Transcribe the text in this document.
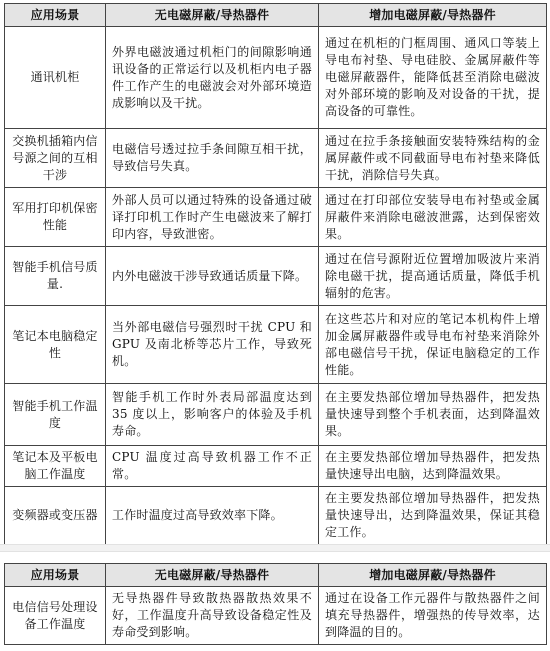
应用场景	无电磁屏蔽/导热器件	增加电磁屏蔽/导热器件
通讯机柜	外界电磁波通过机柜门的间隙影响通讯设备的正常运行以及机柜内电子器件工作产生的电磁波会对外部环境造成影响以及干扰。	通过在机柜的门框周围、通风口等装上导电布衬垫、导电硅胶、金属屏蔽件等电磁屏蔽器件，能降低甚至消除电磁波对外部环境的影响及对设备的干扰，提高设备的可靠性。
交换机插箱内信号源之间的互相干涉	电磁信号透过拉手条间隙互相干扰，导致信号失真。	通过在拉手条接触面安装特殊结构的金属屏蔽件或不同截面导电布衬垫来降低干扰，消除信号失真。
军用打印机保密性能	外部人员可以通过特殊的设备通过破译打印机工作时产生电磁波来了解打印内容，导致泄密。	通过在打印部位安装导电布衬垫或金属屏蔽件来消除电磁波泄露，达到保密效果。
智能手机信号质量.	内外电磁波干涉导致通话质量下降。	通过在信号源附近位置增加吸波片来消除电磁干扰，提高通话质量，降低手机辐射的危害。
笔记本电脑稳定性	当外部电磁信号强烈时干扰 CPU 和 GPU 及南北桥等芯片工作，导致死机。	在这些芯片和对应的笔记本机构件上增加金属屏蔽器件或导电布衬垫来消除外部电磁信号干扰，保证电脑稳定的工作性能。
智能手机工作温度	智能手机工作时外表局部温度达到 35 度以上，影响客户的体验及手机寿命。	在主要发热部位增加导热器件，把发热量快速导到整个手机表面，达到降温效果。
笔记本及平板电脑工作温度	CPU 温度过高导致机器工作不正常。	在主要发热部位增加导热器件，把发热量快速导出电脑，达到降温效果。
变频器或变压器	工作时温度过高导致效率下降。	在主要发热部位增加导热器件，把发热量快速导出，达到降温效果，保证其稳定工作。
应用场景	无电磁屏蔽/导热器件	增加电磁屏蔽/导热器件
电信信号处理设备工作温度	无导热器件导致散热器散热效果不好，工作温度升高导致设备稳定性及寿命受到影响。	通过在设备工作元器件与散热器件之间填充导热器件，增强热的传导效率，达到降温的目的。
